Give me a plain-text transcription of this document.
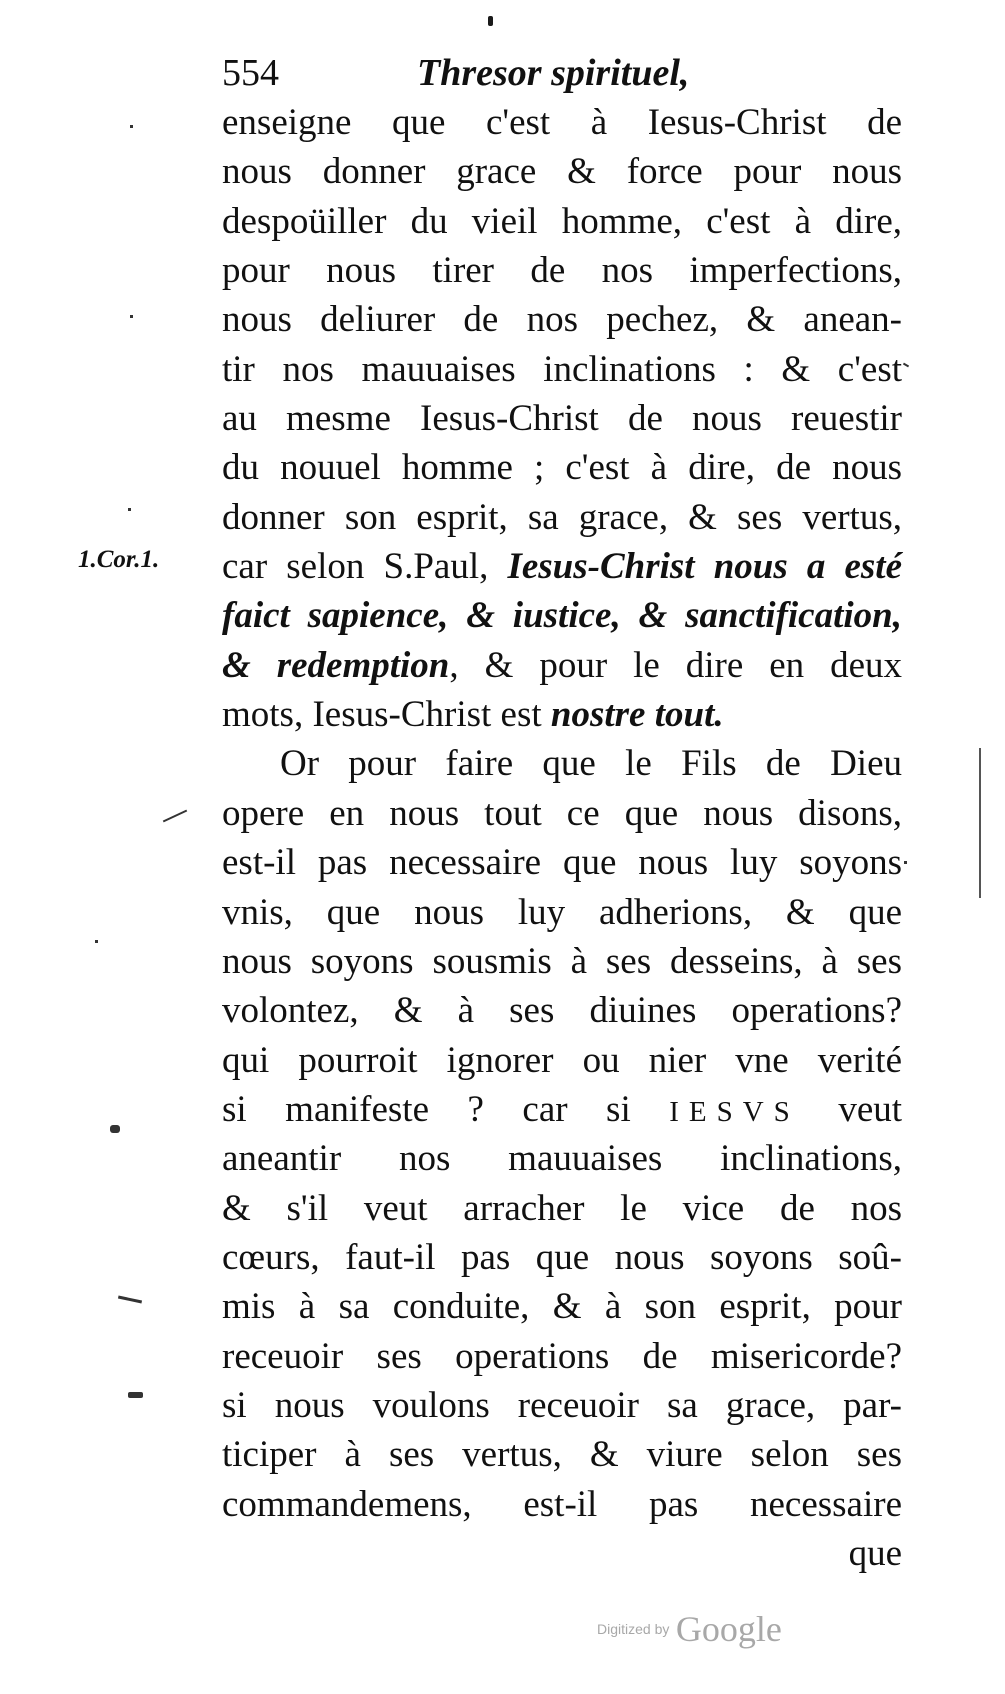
554	Thresor spirituel,
1.Cor.1.
enseigne que c'est à Iesus-Christ de
nous donner grace & force pour nous
despoüiller du vieil homme, c'est à dire,
pour nous tirer de nos imperfections,
nous deliurer de nos pechez, & anean-
tir nos mauuaises inclinations : & c'est
au mesme Iesus-Christ de nous reuestir
du nouuel homme ; c'est à dire, de nous
donner son esprit, sa grace, & ses vertus,
car selon S.Paul, Iesus-Christ nous a esté
faict sapience, & iustice, & sanctification,
& redemption, & pour le dire en deux
mots, Iesus-Christ est nostre tout.
Or pour faire que le Fils de Dieu
opere en nous tout ce que nous disons,
est-il pas necessaire que nous luy soyons
vnis, que nous luy adherions, & que
nous soyons sousmis à ses desseins, à ses
volontez, & à ses diuines operations?
qui pourroit ignorer ou nier vne verité
si manifeste ? car si IESVS veut
aneantir nos mauuaises inclinations,
& s'il veut arracher le vice de nos
cœurs, faut-il pas que nous soyons soû-
mis à sa conduite, & à son esprit, pour
receuoir ses operations de misericorde?
si nous voulons receuoir sa grace, par-
ticiper à ses vertus, & viure selon ses
commandemens, est-il pas necessaire
que
Digitized by Google
